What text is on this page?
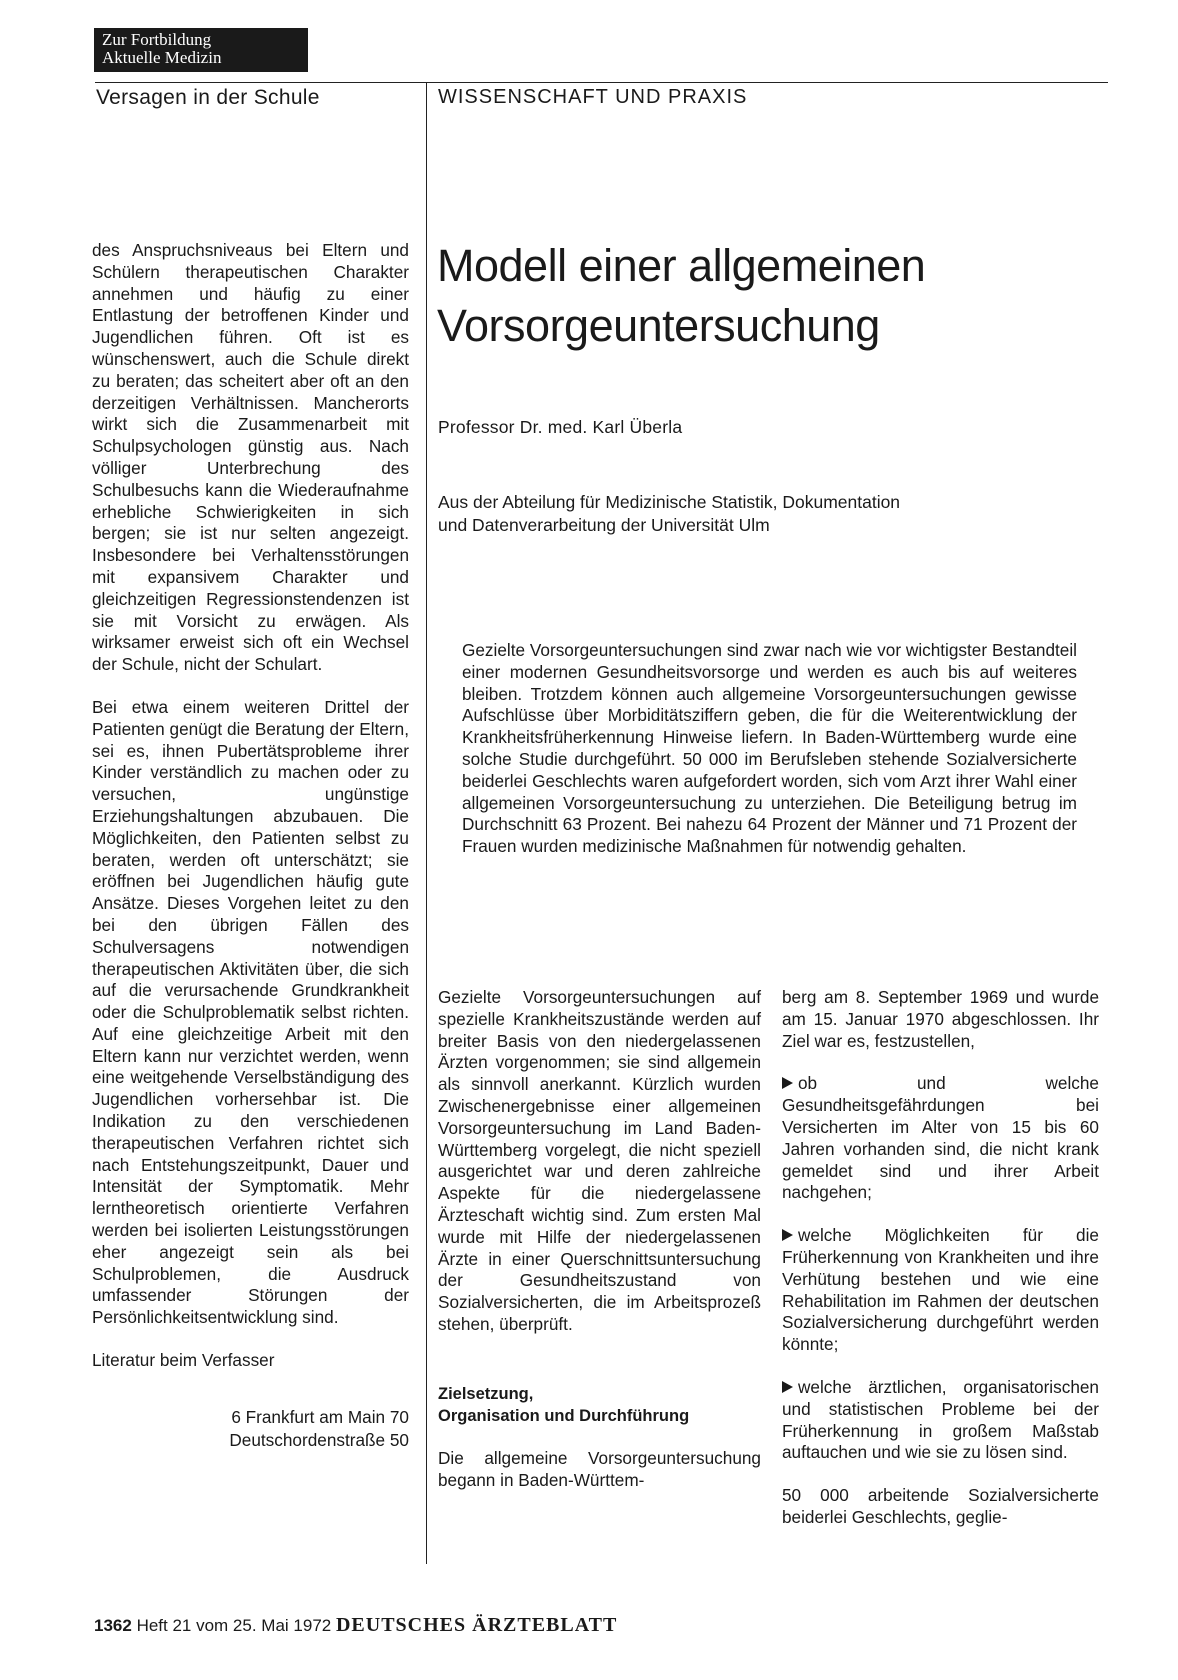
Zur Fortbildung
Aktuelle Medizin
Versagen in der Schule	WISSENSCHAFT UND PRAXIS

des Anspruchsniveaus bei Eltern und Schülern therapeutischen Charakter annehmen und häufig zu einer Entlastung der betroffenen Kinder und Jugendlichen führen. Oft ist es wünschenswert, auch die Schule direkt zu beraten; das scheitert aber oft an den derzeitigen Verhältnissen. Mancherorts wirkt sich die Zusammenarbeit mit Schulpsychologen günstig aus. Nach völliger Unterbrechung des Schulbesuchs kann die Wiederaufnahme erhebliche Schwierigkeiten in sich bergen; sie ist nur selten angezeigt. Insbesondere bei Verhaltensstörungen mit expansivem Charakter und gleichzeitigen Regressionstendenzen ist sie mit Vorsicht zu erwägen. Als wirksamer erweist sich oft ein Wechsel der Schule, nicht der Schulart.

Bei etwa einem weiteren Drittel der Patienten genügt die Beratung der Eltern, sei es, ihnen Pubertätsprobleme ihrer Kinder verständlich zu machen oder zu versuchen, ungünstige Erziehungshaltungen abzubauen. Die Möglichkeiten, den Patienten selbst zu beraten, werden oft unterschätzt; sie eröffnen bei Jugendlichen häufig gute Ansätze. Dieses Vorgehen leitet zu den bei den übrigen Fällen des Schulversagens notwendigen therapeutischen Aktivitäten über, die sich auf die verursachende Grundkrankheit oder die Schulproblematik selbst richten. Auf eine gleichzeitige Arbeit mit den Eltern kann nur verzichtet werden, wenn eine weitgehende Verselbständigung des Jugendlichen vorhersehbar ist. Die Indikation zu den verschiedenen therapeutischen Verfahren richtet sich nach Entstehungszeitpunkt, Dauer und Intensität der Symptomatik. Mehr lerntheoretisch orientierte Verfahren werden bei isolierten Leistungsstörungen eher angezeigt sein als bei Schulproblemen, die Ausdruck umfassender Störungen der Persönlichkeitsentwicklung sind.

Literatur beim Verfasser
6 Frankfurt am Main 70
Deutschordenstraße 50
Modell einer allgemeinen
Vorsorgeuntersuchung
Professor Dr. med. Karl Überla
Aus der Abteilung für Medizinische Statistik, Dokumentation
und Datenverarbeitung der Universität Ulm
Gezielte Vorsorgeuntersuchungen sind zwar nach wie vor wichtigster Bestandteil einer modernen Gesundheitsvorsorge und werden es auch bis auf weiteres bleiben. Trotzdem können auch allgemeine Vorsorgeuntersuchungen gewisse Aufschlüsse über Morbiditätsziffern geben, die für die Weiterentwicklung der Krankheitsfrüherkennung Hinweise liefern. In Baden-Württemberg wurde eine solche Studie durchgeführt. 50 000 im Berufsleben stehende Sozialversicherte beiderlei Geschlechts waren aufgefordert worden, sich vom Arzt ihrer Wahl einer allgemeinen Vorsorgeuntersuchung zu unterziehen. Die Beteiligung betrug im Durchschnitt 63 Prozent. Bei nahezu 64 Prozent der Männer und 71 Prozent der Frauen wurden medizinische Maßnahmen für notwendig gehalten.

Gezielte Vorsorgeuntersuchungen auf spezielle Krankheitszustände werden auf breiter Basis von den niedergelassenen Ärzten vorgenommen; sie sind allgemein als sinnvoll anerkannt. Kürzlich wurden Zwischenergebnisse einer allgemeinen Vorsorgeuntersuchung im Land Baden-Württemberg vorgelegt, die nicht speziell ausgerichtet war und deren zahlreiche Aspekte für die niedergelassene Ärzteschaft wichtig sind. Zum ersten Mal wurde mit Hilfe der niedergelassenen Ärzte in einer Querschnittsuntersuchung der Gesundheitszustand von Sozialversicherten, die im Arbeitsprozeß stehen, überprüft.

Zielsetzung,
Organisation und Durchführung

Die allgemeine Vorsorgeuntersuchung begann in Baden-Württem-

berg am 8. September 1969 und wurde am 15. Januar 1970 abgeschlossen. Ihr Ziel war es, festzustellen,

ob und welche Gesundheitsgefährdungen bei Versicherten im Alter von 15 bis 60 Jahren vorhanden sind, die nicht krank gemeldet sind und ihrer Arbeit nachgehen;

welche Möglichkeiten für die Früherkennung von Krankheiten und ihre Verhütung bestehen und wie eine Rehabilitation im Rahmen der deutschen Sozialversicherung durchgeführt werden könnte;

welche ärztlichen, organisatorischen und statistischen Probleme bei der Früherkennung in großem Maßstab auftauchen und wie sie zu lösen sind.

50 000 arbeitende Sozialversicherte beiderlei Geschlechts, geglie-

1362 Heft 21 vom 25. Mai 1972 DEUTSCHES ÄRZTEBLATT
